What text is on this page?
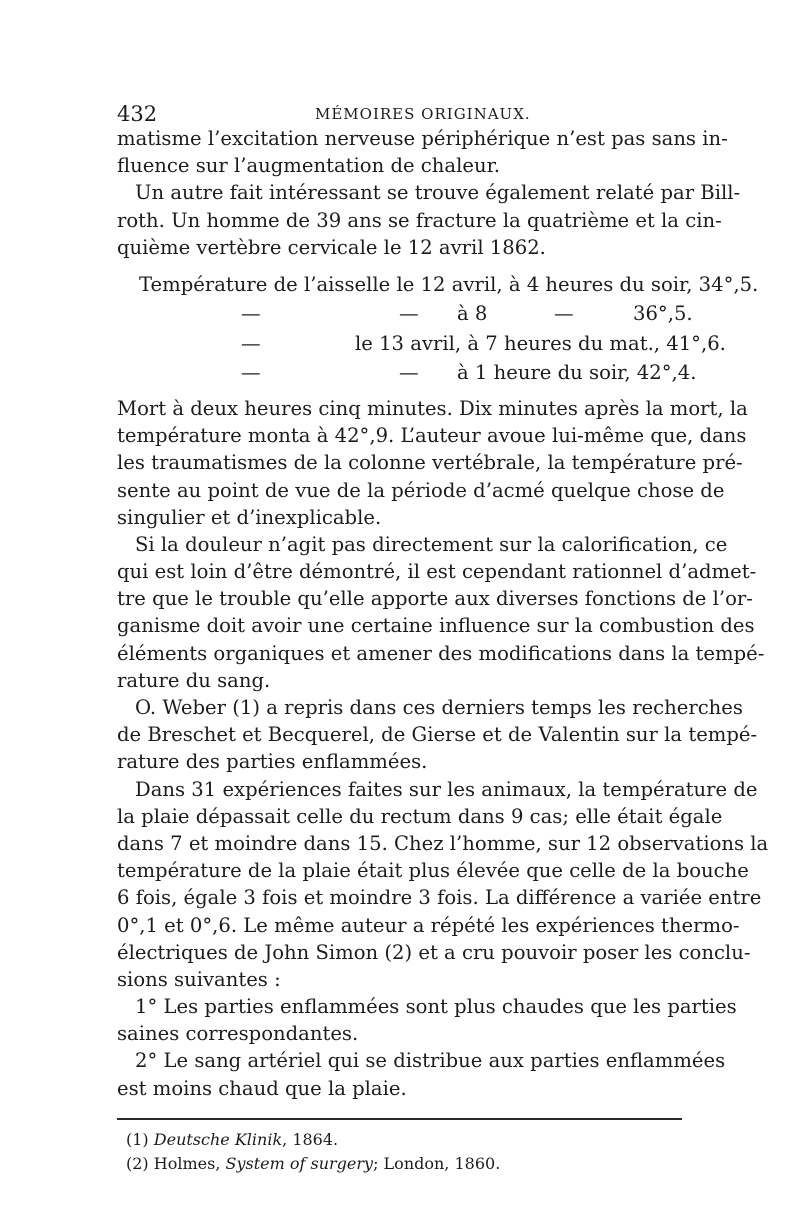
432	MÉMOIRES ORIGINAUX.
matisme l’excitation nerveuse périphérique n’est pas sans in-
fluence sur l’augmentation de chaleur.
Un autre fait intéressant se trouve également relaté par Bill-
roth. Un homme de 39 ans se fracture la quatrième et la cin-
quième vertèbre cervicale le 12 avril 1862.
Température de l’aisselle le 12 avril, à 4 heures du soir, 34°,5.
—	— à 8	—	36°,5.
—	le 13 avril, à 7 heures du mat., 41°,6.
—	— à 1 heure du soir, 42°,4.
Mort à deux heures cinq minutes. Dix minutes après la mort, la
température monta à 42°,9. L’auteur avoue lui-même que, dans
les traumatismes de la colonne vertébrale, la température pré-
sente au point de vue de la période d’acmé quelque chose de
singulier et d’inexplicable.
Si la douleur n’agit pas directement sur la calorification, ce
qui est loin d’être démontré, il est cependant rationnel d’admet-
tre que le trouble qu’elle apporte aux diverses fonctions de l’or-
ganisme doit avoir une certaine influence sur la combustion des
éléments organiques et amener des modifications dans la tempé-
rature du sang.
O. Weber (1) a repris dans ces derniers temps les recherches
de Breschet et Becquerel, de Gierse et de Valentin sur la tempé-
rature des parties enflammées.
Dans 31 expériences faites sur les animaux, la température de
la plaie dépassait celle du rectum dans 9 cas; elle était égale
dans 7 et moindre dans 15. Chez l’homme, sur 12 observations la
température de la plaie était plus élevée que celle de la bouche
6 fois, égale 3 fois et moindre 3 fois. La différence a variée entre
0°,1 et 0°,6. Le même auteur a répété les expériences thermo-
électriques de John Simon (2) et a cru pouvoir poser les conclu-
sions suivantes :
1° Les parties enflammées sont plus chaudes que les parties
saines correspondantes.
2° Le sang artériel qui se distribue aux parties enflammées
est moins chaud que la plaie.
(1) Deutsche Klinik, 1864.
(2) Holmes, System of surgery; London, 1860.
